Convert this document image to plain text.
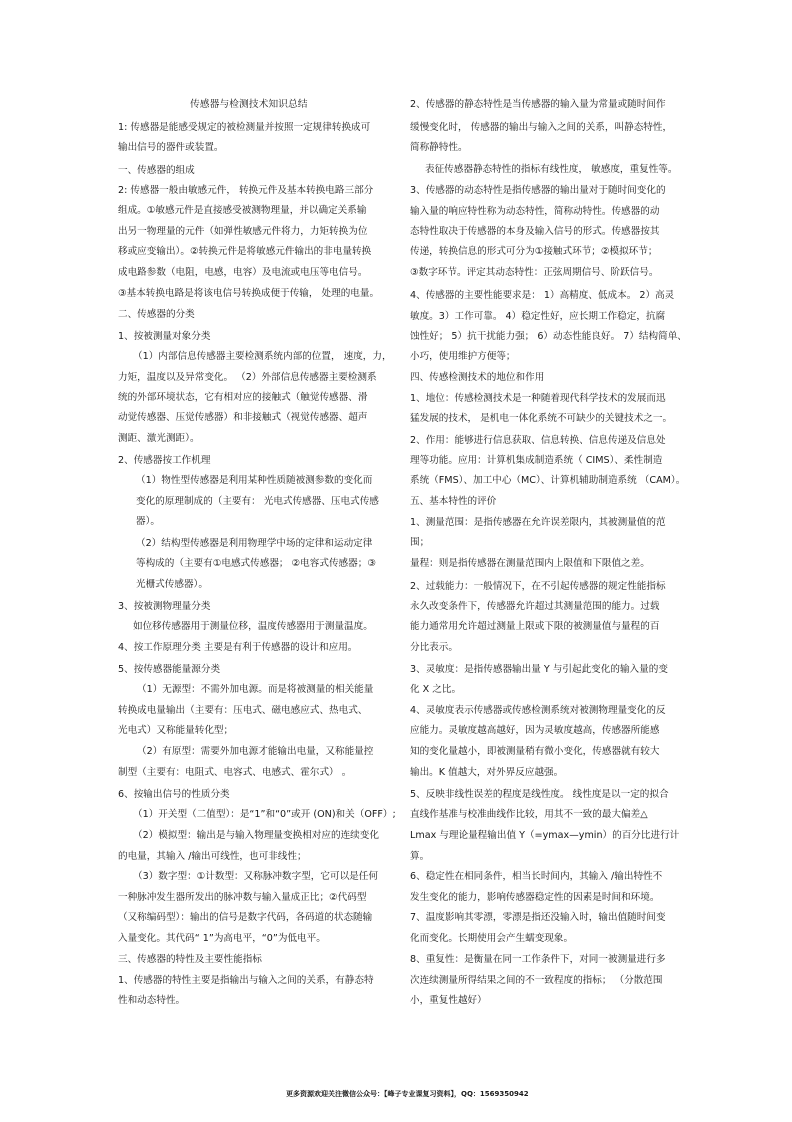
传感器与检测技术知识总结
1: 传感器是能感受规定的被检测量并按照一定规律转换成可
输出信号的器件或装置。
一、传感器的组成
2: 传感器一般由敏感元件， 转换元件及基本转换电路三部分
组成。①敏感元件是直接感受被测物理量，并以确定关系输
出另一物理量的元件（如弹性敏感元件将力，力矩转换为位
移或应变输出）。②转换元件是将敏感元件输出的非电量转换
成电路参数（电阻，电感，电容）及电流或电压等电信号。
③基本转换电路是将该电信号转换成便于传输， 处理的电量。
二、传感器的分类
1、按被测量对象分类
（1）内部信息传感器主要检测系统内部的位置， 速度，力，
力矩，温度以及异常变化。 （2）外部信息传感器主要检测系
统的外部环境状态，它有相对应的接触式（触觉传感器、滑
动觉传感器、压觉传感器）和非接触式（视觉传感器、超声
测距、激光测距）。
2、传感器按工作机理
（1）物性型传感器是利用某种性质随被测参数的变化而
变化的原理制成的（主要有： 光电式传感器、压电式传感
器）。
（2）结构型传感器是利用物理学中场的定律和运动定律
等构成的（主要有①电感式传感器； ②电容式传感器；③
光栅式传感器）。
3、按被测物理量分类
如位移传感器用于测量位移，温度传感器用于测量温度。
4、按工作原理分类 主要是有利于传感器的设计和应用。
5、按传感器能量源分类
（1）无源型：不需外加电源。而是将被测量的相关能量
转换成电量输出（主要有：压电式、磁电感应式、热电式、
光电式）又称能量转化型；
（2）有原型：需要外加电源才能输出电量，又称能量控
制型（主要有：电阻式、电容式、电感式、霍尔式） 。
6、按输出信号的性质分类
（1）开关型（二值型）：是“1”和“0”或开 (ON)和关（OFF）;
（2）模拟型：输出是与输入物理量变换相对应的连续变化
的电量，其输入 /输出可线性，也可非线性；
（3）数字型：①计数型：又称脉冲数字型，它可以是任何
一种脉冲发生器所发出的脉冲数与输入量成正比；②代码型
（又称编码型）：输出的信号是数字代码，各码道的状态随输
入量变化。其代码“ 1”为高电平，“0”为低电平。
三、传感器的特性及主要性能指标
1、传感器的特性主要是指输出与输入之间的关系，有静态特
性和动态特性。
2、传感器的静态特性是当传感器的输入量为常量或随时间作
缓慢变化时， 传感器的输出与输入之间的关系，叫静态特性，
简称静特性。
表征传感器静态特性的指标有线性度， 敏感度，重复性等。
3、传感器的动态特性是指传感器的输出量对于随时间变化的
输入量的响应特性称为动态特性，简称动特性。传感器的动
态特性取决于传感器的本身及输入信号的形式。传感器按其
传递，转换信息的形式可分为①接触式环节；②模拟环节；
③数字环节。评定其动态特性：正弦周期信号、阶跃信号。
4、传感器的主要性能要求是： 1）高精度、低成本。 2）高灵
敏度。3）工作可靠。 4）稳定性好，应长期工作稳定，抗腐
蚀性好； 5）抗干扰能力强； 6）动态性能良好。 7）结构简单、
小巧，使用维护方便等；
四、传感检测技术的地位和作用
1、地位：传感检测技术是一种随着现代科学技术的发展而迅
猛发展的技术， 是机电一体化系统不可缺少的关键技术之一。
2、作用：能够进行信息获取、信息转换、信息传递及信息处
理等功能。应用：计算机集成制造系统（ CIMS）、柔性制造
系统（FMS）、加工中心（MC）、计算机辅助制造系统 （CAM）。
五、基本特性的评价
1、测量范围：是指传感器在允许误差限内，其被测量值的范
围；
量程：则是指传感器在测量范围内上限值和下限值之差。
2、过载能力：一般情况下，在不引起传感器的规定性能指标
永久改变条件下，传感器允许超过其测量范围的能力。过载
能力通常用允许超过测量上限或下限的被测量值与量程的百
分比表示。
3、灵敏度：是指传感器输出量 Y 与引起此变化的输入量的变
化 X 之比。
4、灵敏度表示传感器或传感检测系统对被测物理量变化的反
应能力。灵敏度越高越好，因为灵敏度越高，传感器所能感
知的变化量越小，即被测量稍有微小变化，传感器就有较大
输出。K 值越大，对外界反应越强。
5、反映非线性误差的程度是线性度。 线性度是以一定的拟合
直线作基准与校准曲线作比较，用其不一致的最大偏差△
Lmax 与理论量程输出值 Y（=ymax—ymin）的百分比进行计
算。
6、稳定性在相同条件，相当长时间内，其输入 /输出特性不
发生变化的能力，影响传感器稳定性的因素是时间和环境。
7、温度影响其零漂，零漂是指还没输入时，输出值随时间变
化而变化。长期使用会产生蠕变现象。
8、重复性：是衡量在同一工作条件下，对同一被测量进行多
次连续测量所得结果之间的不一致程度的指标； （分散范围
小，重复性越好）
更多资源欢迎关注微信公众号：【峰子专业课复习资料】，QQ：1569350942
